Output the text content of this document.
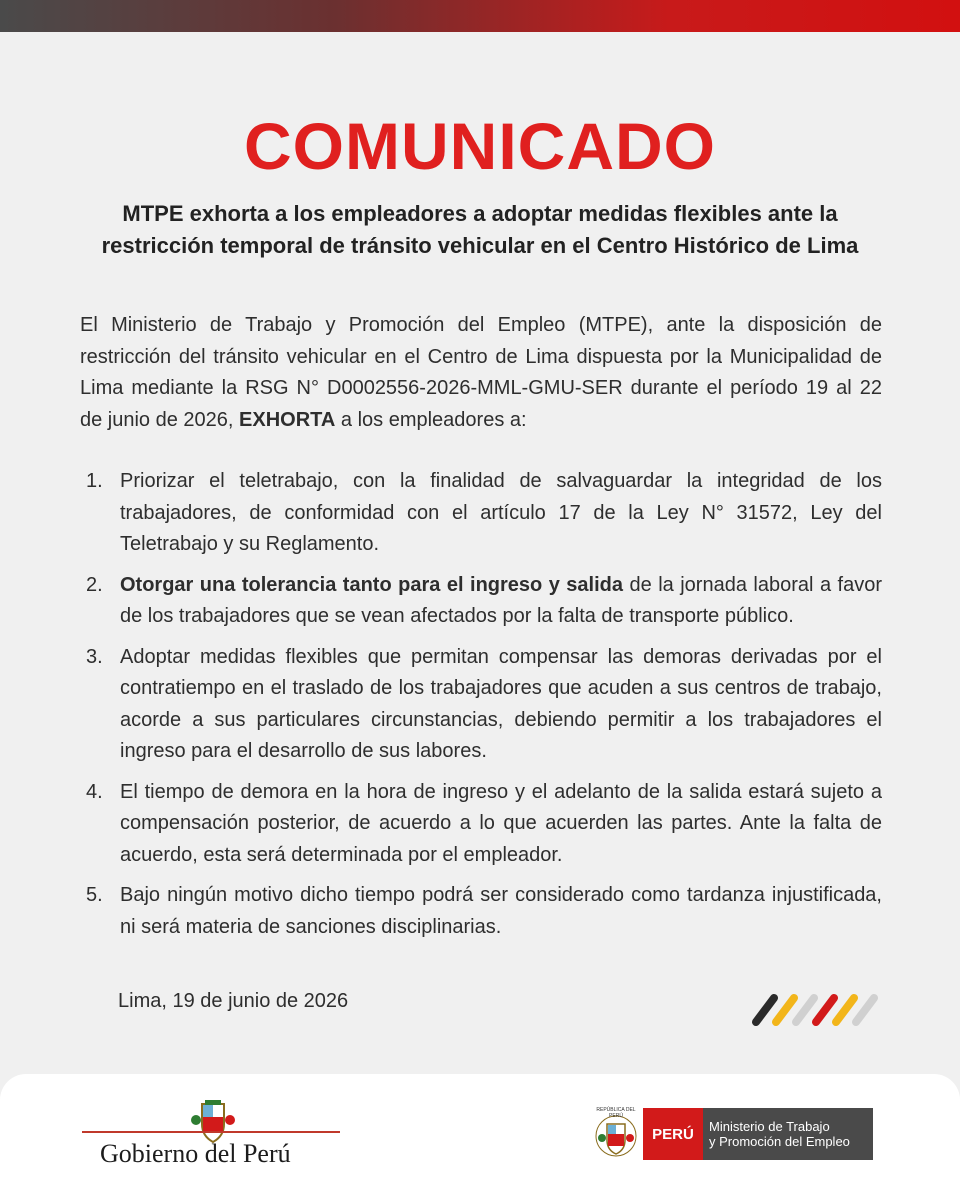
COMUNICADO
MTPE exhorta a los empleadores a adoptar medidas flexibles ante la restricción temporal de tránsito vehicular en el Centro Histórico de Lima
El Ministerio de Trabajo y Promoción del Empleo (MTPE), ante la disposición de restricción del tránsito vehicular en el Centro de Lima dispuesta por la Municipalidad de Lima mediante la RSG N° D0002556-2026-MML-GMU-SER durante el período 19 al 22 de junio de 2026, EXHORTA a los empleadores a:
1. Priorizar el teletrabajo, con la finalidad de salvaguardar la integridad de los trabajadores, de conformidad con el artículo 17 de la Ley N° 31572, Ley del Teletrabajo y su Reglamento.
2. Otorgar una tolerancia tanto para el ingreso y salida de la jornada laboral a favor de los trabajadores que se vean afectados por la falta de transporte público.
3. Adoptar medidas flexibles que permitan compensar las demoras derivadas por el contratiempo en el traslado de los trabajadores que acuden a sus centros de trabajo, acorde a sus particulares circunstancias, debiendo permitir a los trabajadores el ingreso para el desarrollo de sus labores.
4. El tiempo de demora en la hora de ingreso y el adelanto de la salida estará sujeto a compensación posterior, de acuerdo a lo que acuerden las partes. Ante la falta de acuerdo, esta será determinada por el empleador.
5. Bajo ningún motivo dicho tiempo podrá ser considerado como tardanza injustificada, ni será materia de sanciones disciplinarias.
Lima, 19 de junio de 2026
Gobierno del Perú
REPÚBLICA DEL PERÚ
PERÚ	Ministerio de Trabajo
y Promoción del Empleo
